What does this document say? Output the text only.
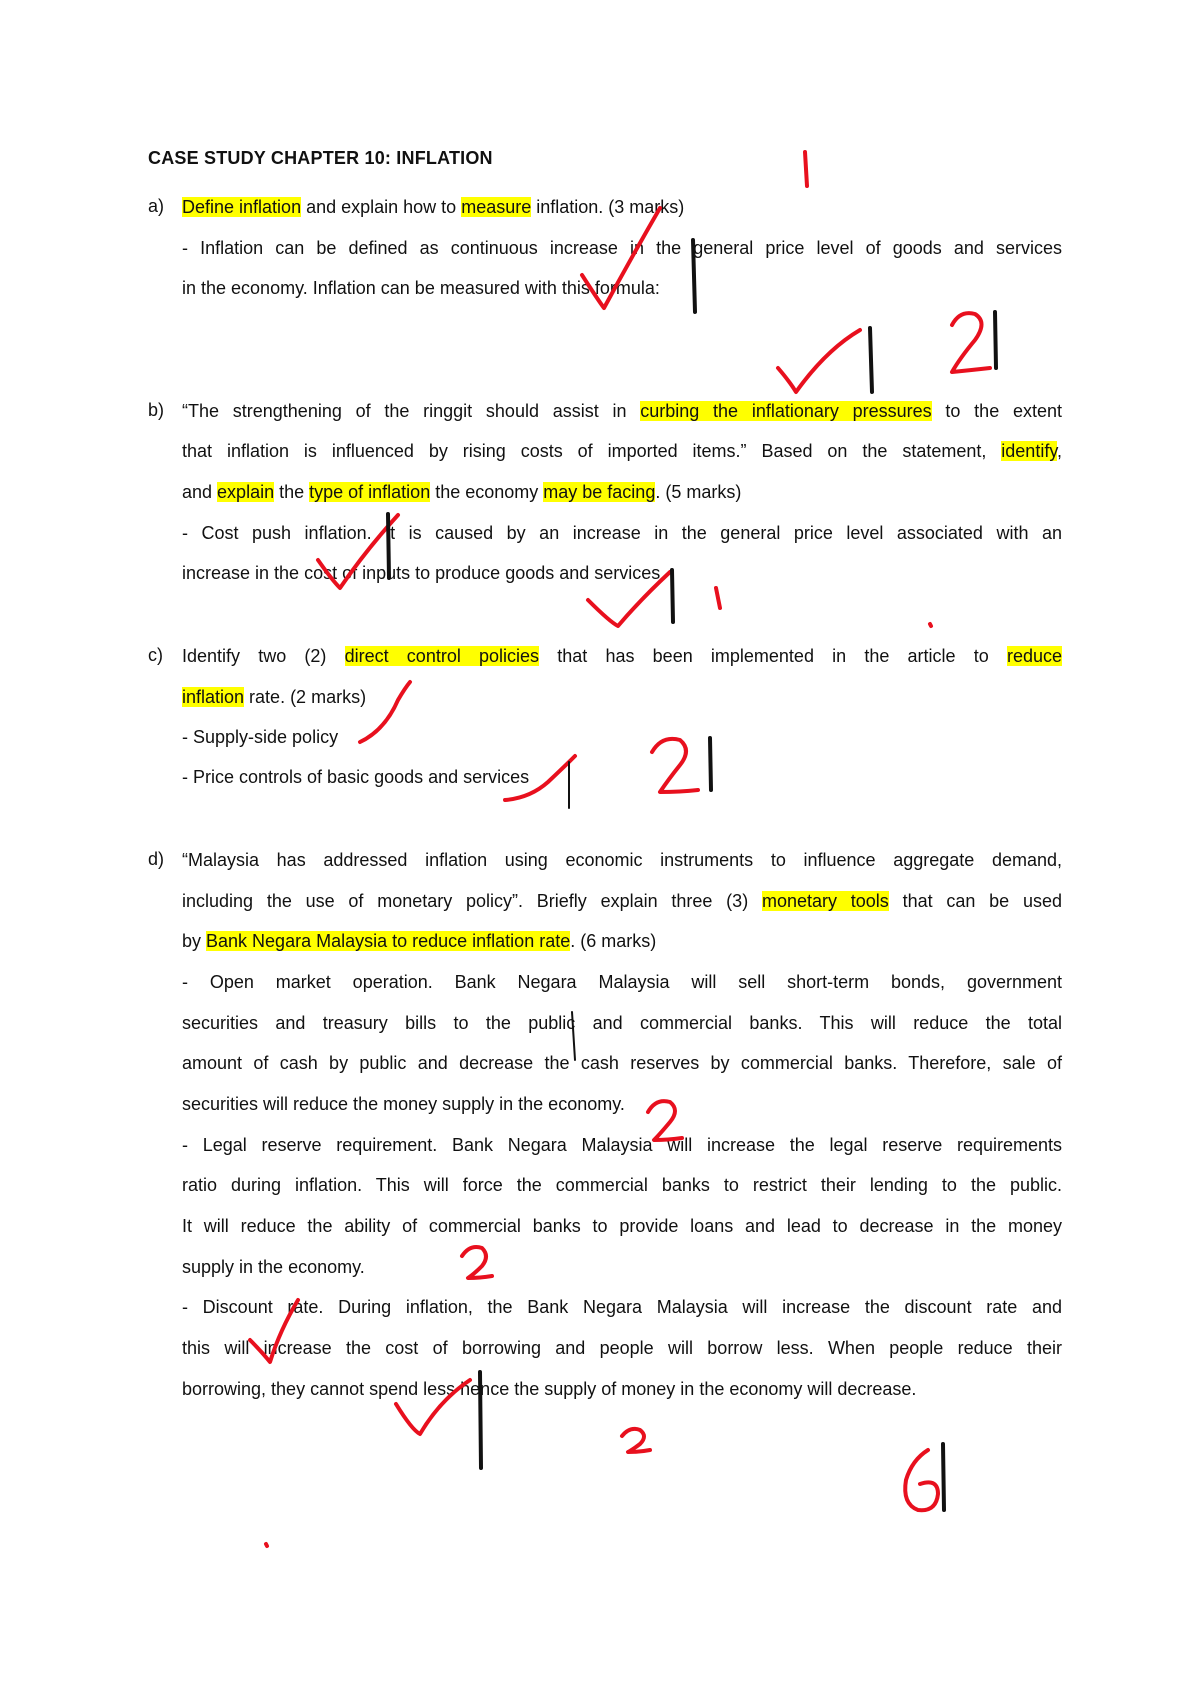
CASE STUDY CHAPTER 10: INFLATION
a) Define inflation and explain how to measure inflation. (3 marks)
- Inflation can be defined as continuous increase in the general price level of goods and services
in the economy. Inflation can be measured with this formula:
b) “The strengthening of the ringgit should assist in curbing the inflationary pressures to the extent
that inflation is influenced by rising costs of imported items.” Based on the statement, identify,
and explain the type of inflation the economy may be facing. (5 marks)
- Cost push inflation. It is caused by an increase in the general price level associated with an
increase in the cost of inputs to produce goods and services.
c) Identify two (2) direct control policies that has been implemented in the article to reduce
inflation rate. (2 marks)
- Supply-side policy
- Price controls of basic goods and services
d) “Malaysia has addressed inflation using economic instruments to influence aggregate demand,
including the use of monetary policy”. Briefly explain three (3) monetary tools that can be used
by Bank Negara Malaysia to reduce inflation rate. (6 marks)
- Open market operation. Bank Negara Malaysia will sell short-term bonds, government
securities and treasury bills to the public and commercial banks. This will reduce the total
amount of cash by public and decrease the cash reserves by commercial banks. Therefore, sale of
securities will reduce the money supply in the economy.
- Legal reserve requirement. Bank Negara Malaysia will increase the legal reserve requirements
ratio during inflation. This will force the commercial banks to restrict their lending to the public.
It will reduce the ability of commercial banks to provide loans and lead to decrease in the money
supply in the economy.
- Discount rate. During inflation, the Bank Negara Malaysia will increase the discount rate and
this will increase the cost of borrowing and people will borrow less. When people reduce their
borrowing, they cannot spend less hence the supply of money in the economy will decrease.
